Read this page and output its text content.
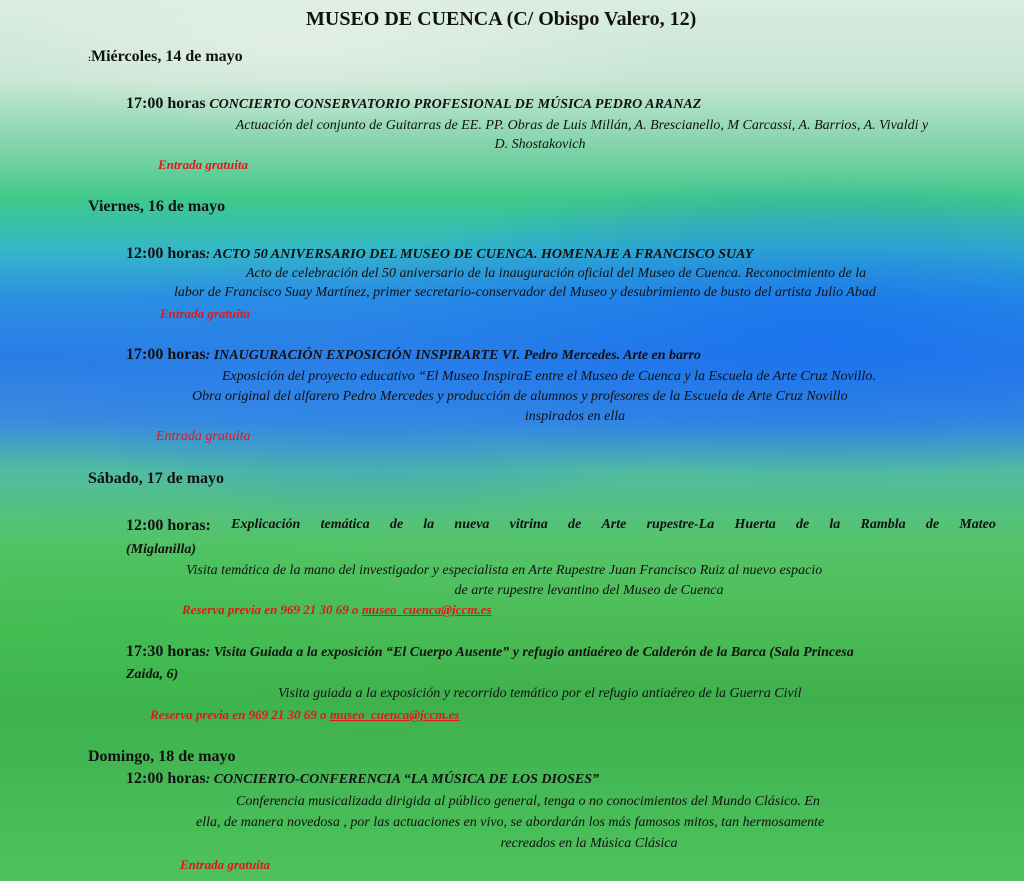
MUSEO DE CUENCA (C/ Obispo Valero, 12)
:Miércoles, 14 de mayo
17:00 horas CONCIERTO CONSERVATORIO PROFESIONAL DE MÚSICA PEDRO ARANAZ
Actuación del conjunto de Guitarras de EE. PP. Obras de Luis Millán, A. Brescianello, M Carcassi, A. Barrios, A. Vivaldi y
D. Shostakovich
Entrada gratuita
Viernes, 16 de mayo
12:00 horas: ACTO 50 ANIVERSARIO DEL MUSEO DE CUENCA. HOMENAJE A FRANCISCO SUAY
Acto de celebración del 50 aniversario de la inauguración oficial del Museo de Cuenca. Reconocimiento de la
labor de Francisco Suay Martínez, primer secretario-conservador del Museo y desubrimiento de busto del artista Julio Abad
Entrada gratuita
17:00 horas: INAUGURACIÓN EXPOSICIÓN INSPIRARTE VI. Pedro Mercedes. Arte en barro
Exposición del proyecto educativo “El Museo InspiraE entre el Museo de Cuenca y la Escuela de Arte Cruz Novillo.
Obra original del alfarero Pedro Mercedes y producción de alumnos y profesores de la Escuela de Arte Cruz Novillo
inspirados en ella
Entrada gratuita
Sábado, 17 de mayo
12:00 horas: Explicación temática de la nueva vitrina de Arte rupestre-La Huerta de la Rambla de Mateo
(Miglanilla)
Visita temática de la mano del investigador y especialista en Arte Rupestre Juan Francisco Ruiz al nuevo espacio
de arte rupestre levantino del Museo de Cuenca
Reserva previa en 969 21 30 69 o museo_cuenca@jccm.es
17:30 horas: Visita Guiada a la exposición “El Cuerpo Ausente” y refugio antiaéreo de Calderón de la Barca (Sala Princesa
Zaida, 6)
Visita guiada a la exposición y recorrido temático por el refugio antiaéreo de la Guerra Civil
Reserva previa en 969 21 30 69 o museo_cuenca@jccm.es
Domingo, 18 de mayo
12:00 horas: CONCIERTO-CONFERENCIA “LA MÚSICA DE LOS DIOSES”
Conferencia musicalizada dirigida al público general, tenga o no conocimientos del Mundo Clásico. En
ella, de manera novedosa , por las actuaciones en vivo, se abordarán los más famosos mitos, tan hermosamente
recreados en la Música Clásica
Entrada gratuita
